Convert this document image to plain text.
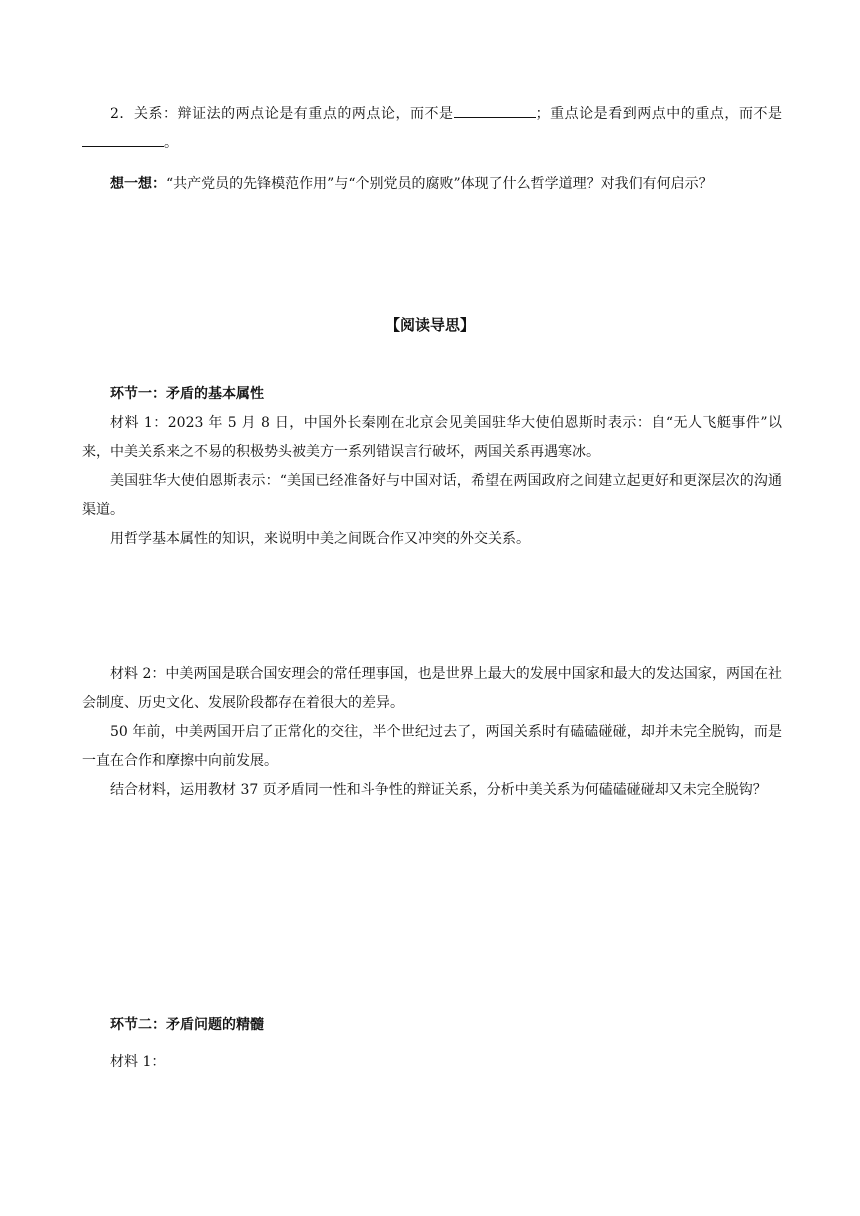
2．关系：辩证法的两点论是有重点的两点论，而不是	；重点论是看到两点中的重点，而不是。

想一想：“共产党员的先锋模范作用”与“个别党员的腐败”体现了什么哲学道理？对我们有何启示？

【阅读导思】

环节一：矛盾的基本属性

材料 1：2023 年 5 月 8 日，中国外长秦刚在北京会见美国驻华大使伯恩斯时表示：自“无人飞艇事件”以来，中美关系来之不易的积极势头被美方一系列错误言行破坏，两国关系再遇寒冰。

美国驻华大使伯恩斯表示：“美国已经准备好与中国对话，希望在两国政府之间建立起更好和更深层次的沟通渠道。

用哲学基本属性的知识，来说明中美之间既合作又冲突的外交关系。

材料 2：中美两国是联合国安理会的常任理事国，也是世界上最大的发展中国家和最大的发达国家，两国在社会制度、历史文化、发展阶段都存在着很大的差异。

50 年前，中美两国开启了正常化的交往，半个世纪过去了，两国关系时有磕磕碰碰，却并未完全脱钩，而是一直在合作和摩擦中向前发展。

结合材料，运用教材 37 页矛盾同一性和斗争性的辩证关系，分析中美关系为何磕磕碰碰却又未完全脱钩？

环节二：矛盾问题的精髓

材料 1：
